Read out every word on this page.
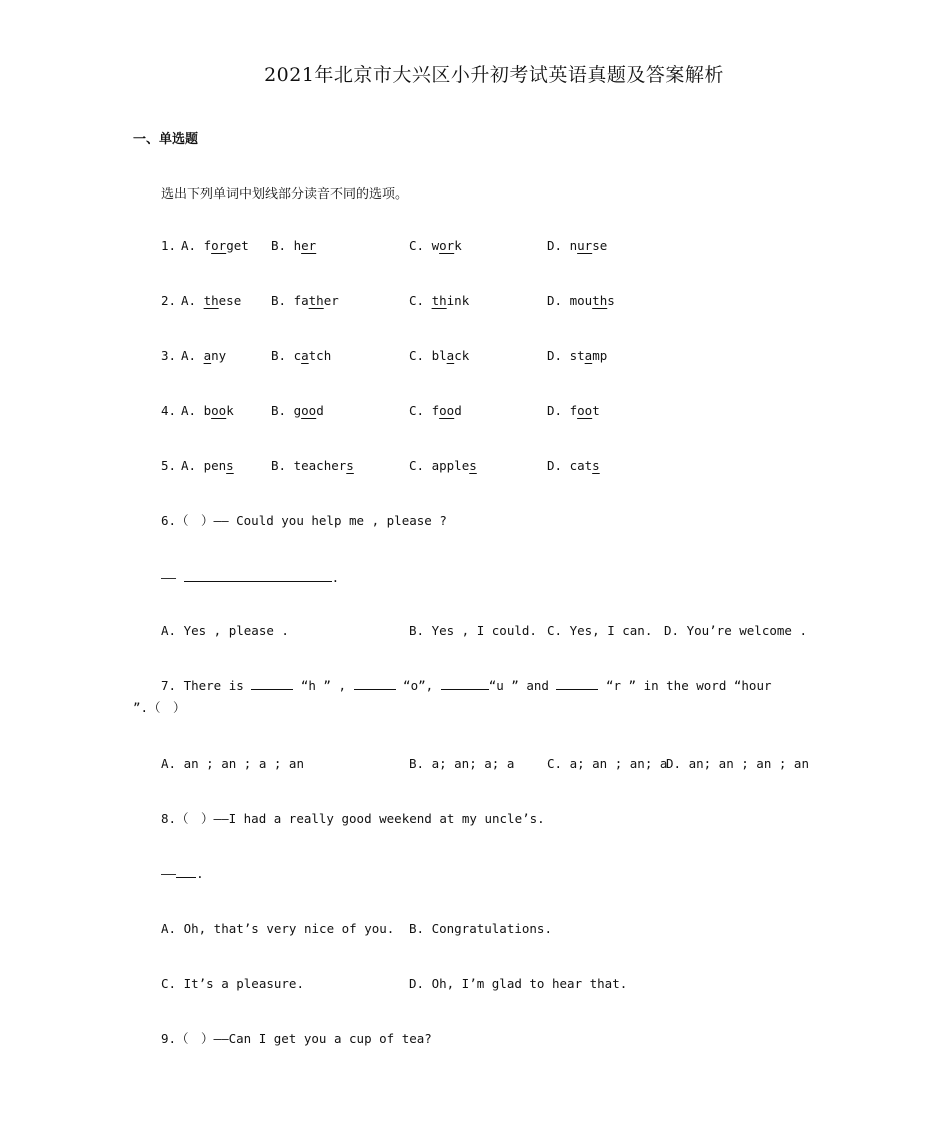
2021年北京市大兴区小升初考试英语真题及答案解析
一、单选题
选出下列单词中划线部分读音不同的选项。
1. A. forget B. her	C. work	D. nurse
2. A. these B. father	C. think	D. mouths
3. A. any	B. catch	C. black	D. stamp
4. A. book	B. good	C. food	D. foot
5. A. pens	B. teachers	C. apples	D. cats
6.（　）—— Could you help me , please ?
——	.
A. Yes , please .	B. Yes , I could. C. Yes, I can. D. You’re welcome .
7. There is	“h ” ,	“o”,	“u ” and	“r ” in the word “hour
”.（　）
A. an ; an ; a ; an	B. a; an; a; a	C. a; an ; an; a
D. an; an ; an ; an
8.（　）——I had a really good weekend at my uncle’s.
—— .
A. Oh, that’s very nice of you. B. Congratulations.
C. It’s a pleasure.	D. Oh, I’m glad to hear that.
9.（　）——Can I get you a cup of tea?
